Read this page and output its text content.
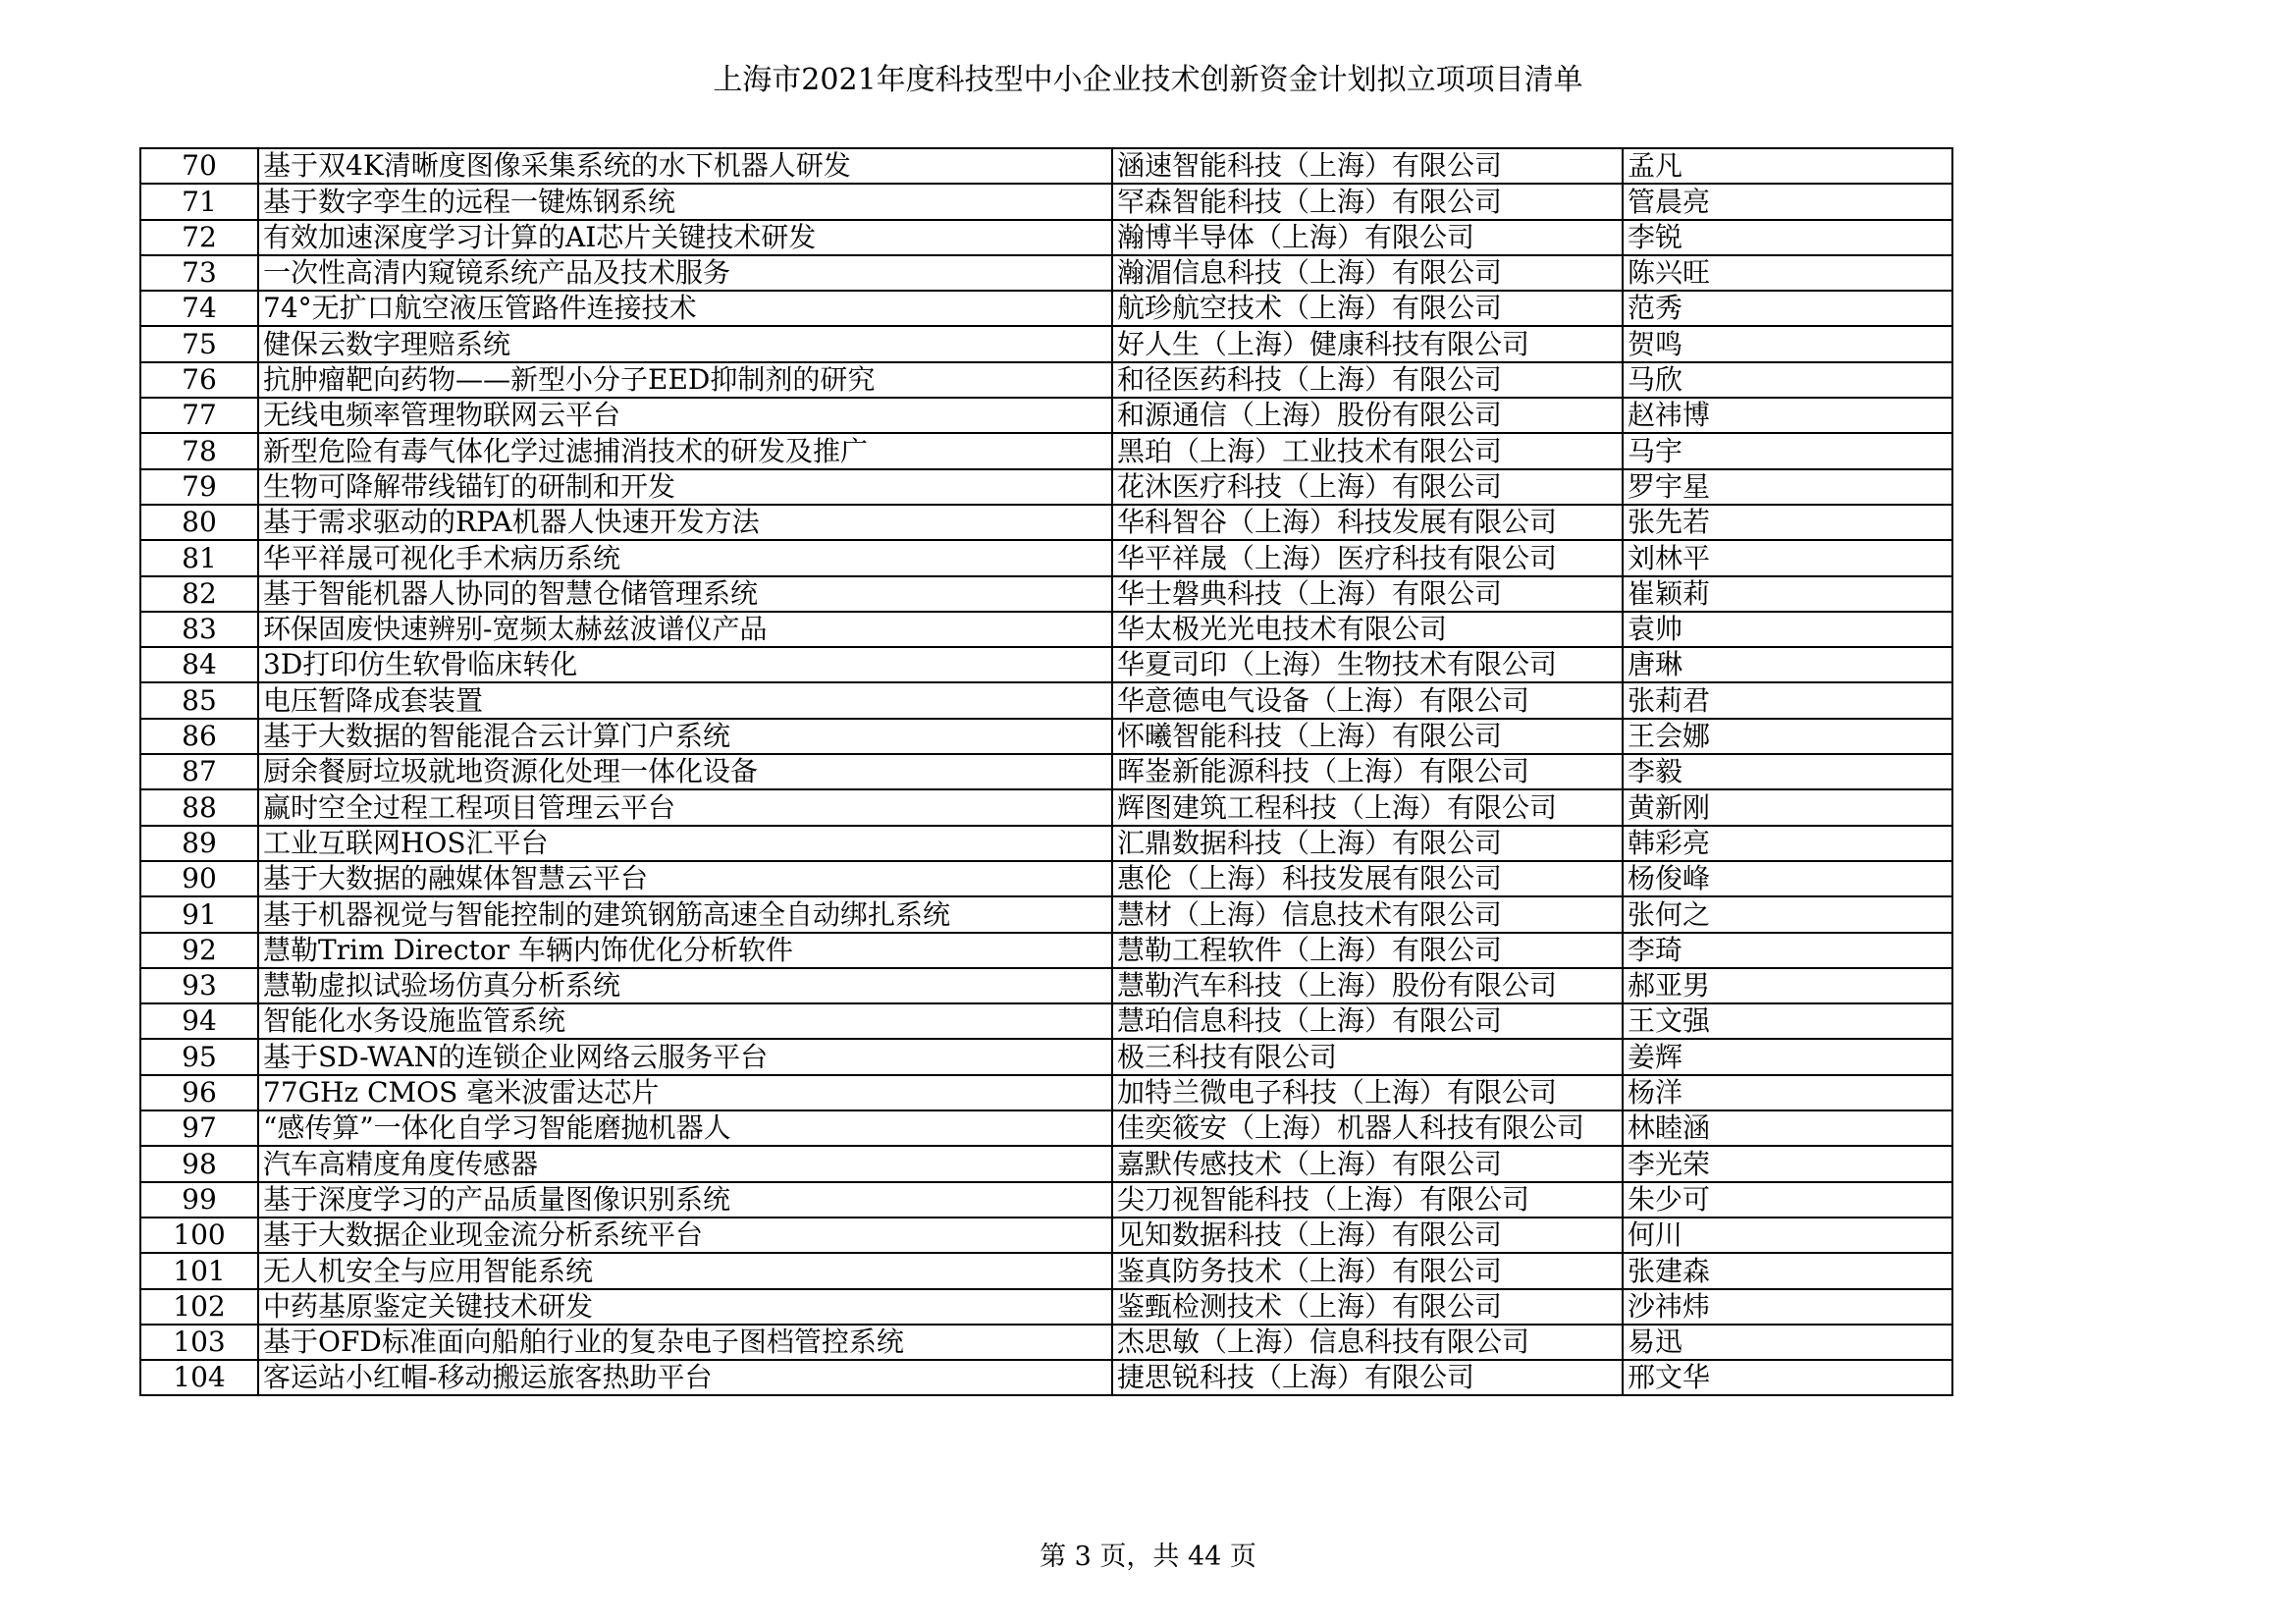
上海市2021年度科技型中小企业技术创新资金计划拟立项项目清单
70	基于双4K清晰度图像采集系统的水下机器人研发	涵速智能科技（上海）有限公司	孟凡
71	基于数字孪生的远程一键炼钢系统	罕森智能科技（上海）有限公司	管晨亮
72	有效加速深度学习计算的AI芯片关键技术研发	瀚博半导体（上海）有限公司	李锐
73	一次性高清内窥镜系统产品及技术服务	瀚湄信息科技（上海）有限公司	陈兴旺
74	74°无扩口航空液压管路件连接技术	航珍航空技术（上海）有限公司	范秀
75	健保云数字理赔系统	好人生（上海）健康科技有限公司	贺鸣
76	抗肿瘤靶向药物——新型小分子EED抑制剂的研究	和径医药科技（上海）有限公司	马欣
77	无线电频率管理物联网云平台	和源通信（上海）股份有限公司	赵祎博
78	新型危险有毒气体化学过滤捕消技术的研发及推广	黑珀（上海）工业技术有限公司	马宇
79	生物可降解带线锚钉的研制和开发	花沐医疗科技（上海）有限公司	罗宇星
80	基于需求驱动的RPA机器人快速开发方法	华科智谷（上海）科技发展有限公司	张先若
81	华平祥晟可视化手术病历系统	华平祥晟（上海）医疗科技有限公司	刘林平
82	基于智能机器人协同的智慧仓储管理系统	华士磐典科技（上海）有限公司	崔颖莉
83	环保固废快速辨别-宽频太赫兹波谱仪产品	华太极光光电技术有限公司	袁帅
84	3D打印仿生软骨临床转化	华夏司印（上海）生物技术有限公司	唐琳
85	电压暂降成套装置	华意德电气设备（上海）有限公司	张莉君
86	基于大数据的智能混合云计算门户系统	怀曦智能科技（上海）有限公司	王会娜
87	厨余餐厨垃圾就地资源化处理一体化设备	晖崟新能源科技（上海）有限公司	李毅
88	赢时空全过程工程项目管理云平台	辉图建筑工程科技（上海）有限公司	黄新刚
89	工业互联网HOS汇平台	汇鼎数据科技（上海）有限公司	韩彩亮
90	基于大数据的融媒体智慧云平台	惠伦（上海）科技发展有限公司	杨俊峰
91	基于机器视觉与智能控制的建筑钢筋高速全自动绑扎系统	慧材（上海）信息技术有限公司	张何之
92	慧勒Trim Director 车辆内饰优化分析软件	慧勒工程软件（上海）有限公司	李琦
93	慧勒虚拟试验场仿真分析系统	慧勒汽车科技（上海）股份有限公司	郝亚男
94	智能化水务设施监管系统	慧珀信息科技（上海）有限公司	王文强
95	基于SD-WAN的连锁企业网络云服务平台	极三科技有限公司	姜辉
96	77GHz CMOS 毫米波雷达芯片	加特兰微电子科技（上海）有限公司	杨洋
97	“感传算”一体化自学习智能磨抛机器人	佳奕筱安（上海）机器人科技有限公司	林睦涵
98	汽车高精度角度传感器	嘉默传感技术（上海）有限公司	李光荣
99	基于深度学习的产品质量图像识别系统	尖刀视智能科技（上海）有限公司	朱少可
100	基于大数据企业现金流分析系统平台	见知数据科技（上海）有限公司	何川
101	无人机安全与应用智能系统	鉴真防务技术（上海）有限公司	张建森
102	中药基原鉴定关键技术研发	鉴甄检测技术（上海）有限公司	沙祎炜
103	基于OFD标准面向船舶行业的复杂电子图档管控系统	杰思敏（上海）信息科技有限公司	易迅
104	客运站小红帽-移动搬运旅客热助平台	捷思锐科技（上海）有限公司	邢文华
第 3 页，共 44 页
